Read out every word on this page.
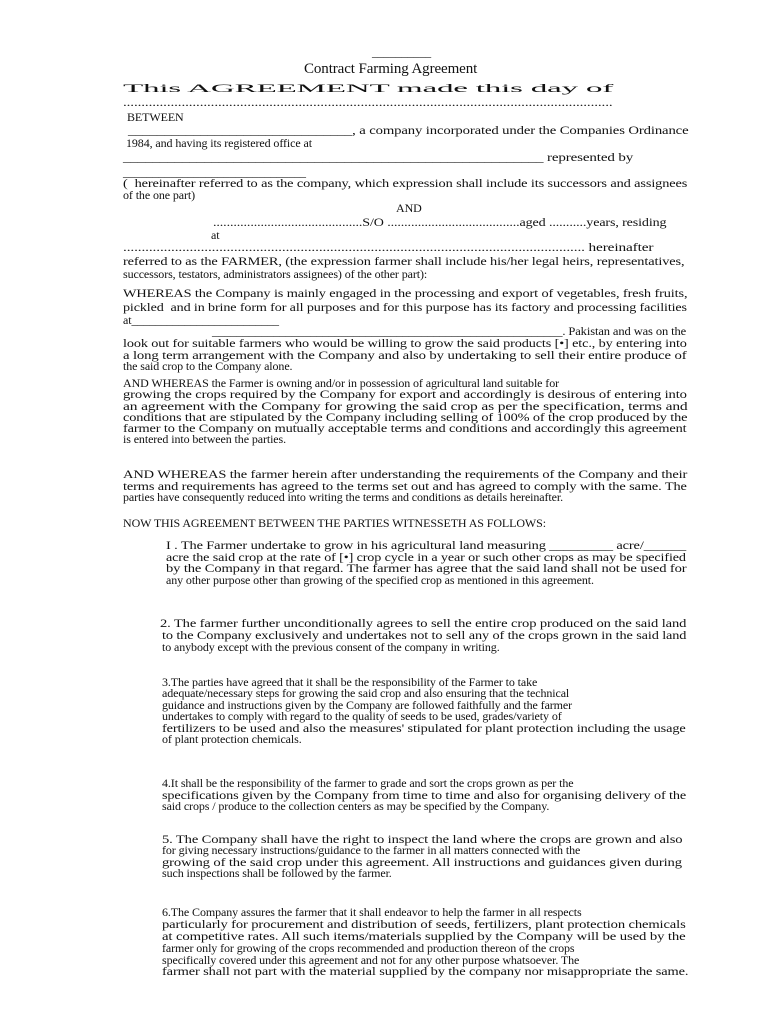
__________
Contract Farming Agreement
This AGREEMENT made this day of
......................................................................................................................................
BETWEEN
_______________________________, a company incorporated under the Companies Ordinance
1984, and having its registered office at
_________________________________________________________ represented by
_______________________________
(  hereinafter referred to as the company, which expression shall include its successors and assignees
of the one part)
AND
............................................S/O .......................................aged ...........years, residing
at
............................................................................................................................. hereinafter
referred to as the FARMER, (the expression farmer shall include his/her legal heirs, representatives,
successors, testators, administrators assignees) of the other part):
WHEREAS the Company is mainly engaged in the processing and export of vegetables, fresh fruits,
pickled  and in brine form for all purposes and for this purpose has its factory and processing facilities
at_________________________
_________________________________________________________. Pakistan and was on the
look out for suitable farmers who would be willing to grow the said products [•] etc., by entering into
a long term arrangement with the Company and also by undertaking to sell their entire produce of
the said crop to the Company alone.
AND WHEREAS the Farmer is owning and/or in possession of agricultural land suitable for
growing the crops required by the Company for export and accordingly is desirous of entering into
an agreement with the Company for growing the said crop as per the specification, terms and
conditions that are stipulated by the Company including selling of 100% of the crop produced by the
farmer to the Company on mutually acceptable terms and conditions and accordingly this agreement
is entered into between the parties.
AND WHEREAS the farmer herein after understanding the requirements of the Company and their
terms and requirements has agreed to the terms set out and has agreed to comply with the same. The
parties have consequently reduced into writing the terms and conditions as details hereinafter.
NOW THIS AGREEMENT BETWEEN THE PARTIES WITNESSETH AS FOLLOWS:
I . The Farmer undertake to grow in his agricultural land measuring _________ acre/______
acre the said crop at the rate of [•] crop cycle in a year or such other crops as may be specified
by the Company in that regard. The farmer has agree that the said land shall not be used for
any other purpose other than growing of the specified crop as mentioned in this agreement.
2. The farmer further unconditionally agrees to sell the entire crop produced on the said land
to the Company exclusively and undertakes not to sell any of the crops grown in the said land
to anybody except with the previous consent of the company in writing.
3.The parties have agreed that it shall be the responsibility of the Farmer to take
adequate/necessary steps for growing the said crop and also ensuring that the technical
guidance and instructions given by the Company are followed faithfully and the farmer
undertakes to comply with regard to the quality of seeds to be used, grades/variety of
fertilizers to be used and also the measures' stipulated for plant protection including the usage
of plant protection chemicals.
4.It shall be the responsibility of the farmer to grade and sort the crops grown as per the
specifications given by the Company from time to time and also for organising delivery of the
said crops / produce to the collection centers as may be specified by the Company.
5. The Company shall have the right to inspect the land where the crops are grown and also
for giving necessary instructions/guidance to the farmer in all matters connected with the
growing of the said crop under this agreement. All instructions and guidances given during
such inspections shall be followed by the farmer.
6.The Company assures the farmer that it shall endeavor to help the farmer in all respects
particularly for procurement and distribution of seeds, fertilizers, plant protection chemicals
at competitive rates. All such items/materials supplied by the Company will be used by the
farmer only for growing of the crops recommended and production thereon of the crops
specifically covered under this agreement and not for any other purpose whatsoever. The
farmer shall not part with the material supplied by the company nor misappropriate the same.
